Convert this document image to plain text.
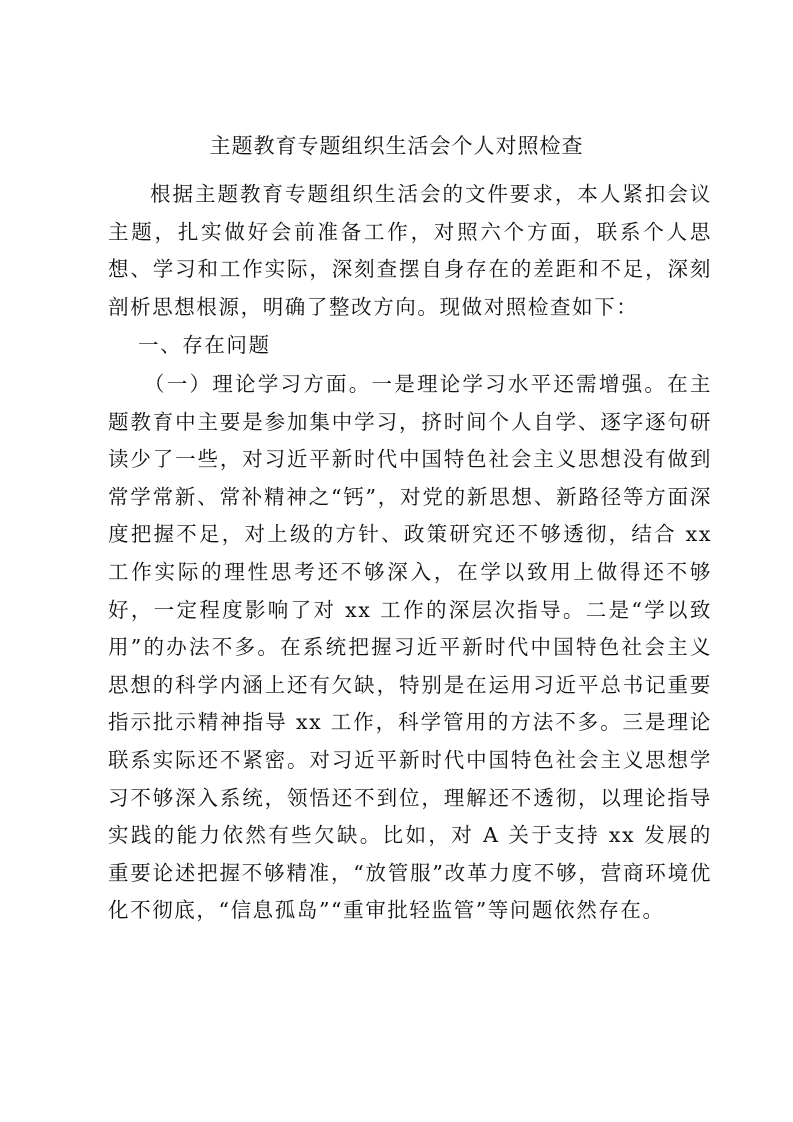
主题教育专题组织生活会个人对照检查

根据主题教育专题组织生活会的文件要求，本人紧扣会议主题，扎实做好会前准备工作，对照六个方面，联系个人思想、学习和工作实际，深刻查摆自身存在的差距和不足，深刻剖析思想根源，明确了整改方向。现做对照检查如下：

一、存在问题

（一）理论学习方面。一是理论学习水平还需增强。在主题教育中主要是参加集中学习，挤时间个人自学、逐字逐句研读少了一些，对习近平新时代中国特色社会主义思想没有做到常学常新、常补精神之“钙”，对党的新思想、新路径等方面深度把握不足，对上级的方针、政策研究还不够透彻，结合 xx 工作实际的理性思考还不够深入，在学以致用上做得还不够好，一定程度影响了对 xx 工作的深层次指导。二是“学以致用”的办法不多。在系统把握习近平新时代中国特色社会主义思想的科学内涵上还有欠缺，特别是在运用习近平总书记重要指示批示精神指导 xx 工作，科学管用的方法不多。三是理论联系实际还不紧密。对习近平新时代中国特色社会主义思想学习不够深入系统，领悟还不到位，理解还不透彻，以理论指导实践的能力依然有些欠缺。比如，对 A 关于支持 xx 发展的重要论述把握不够精准，“放管服”改革力度不够，营商环境优化不彻底，“信息孤岛”“重审批轻监管”等问题依然存在。
